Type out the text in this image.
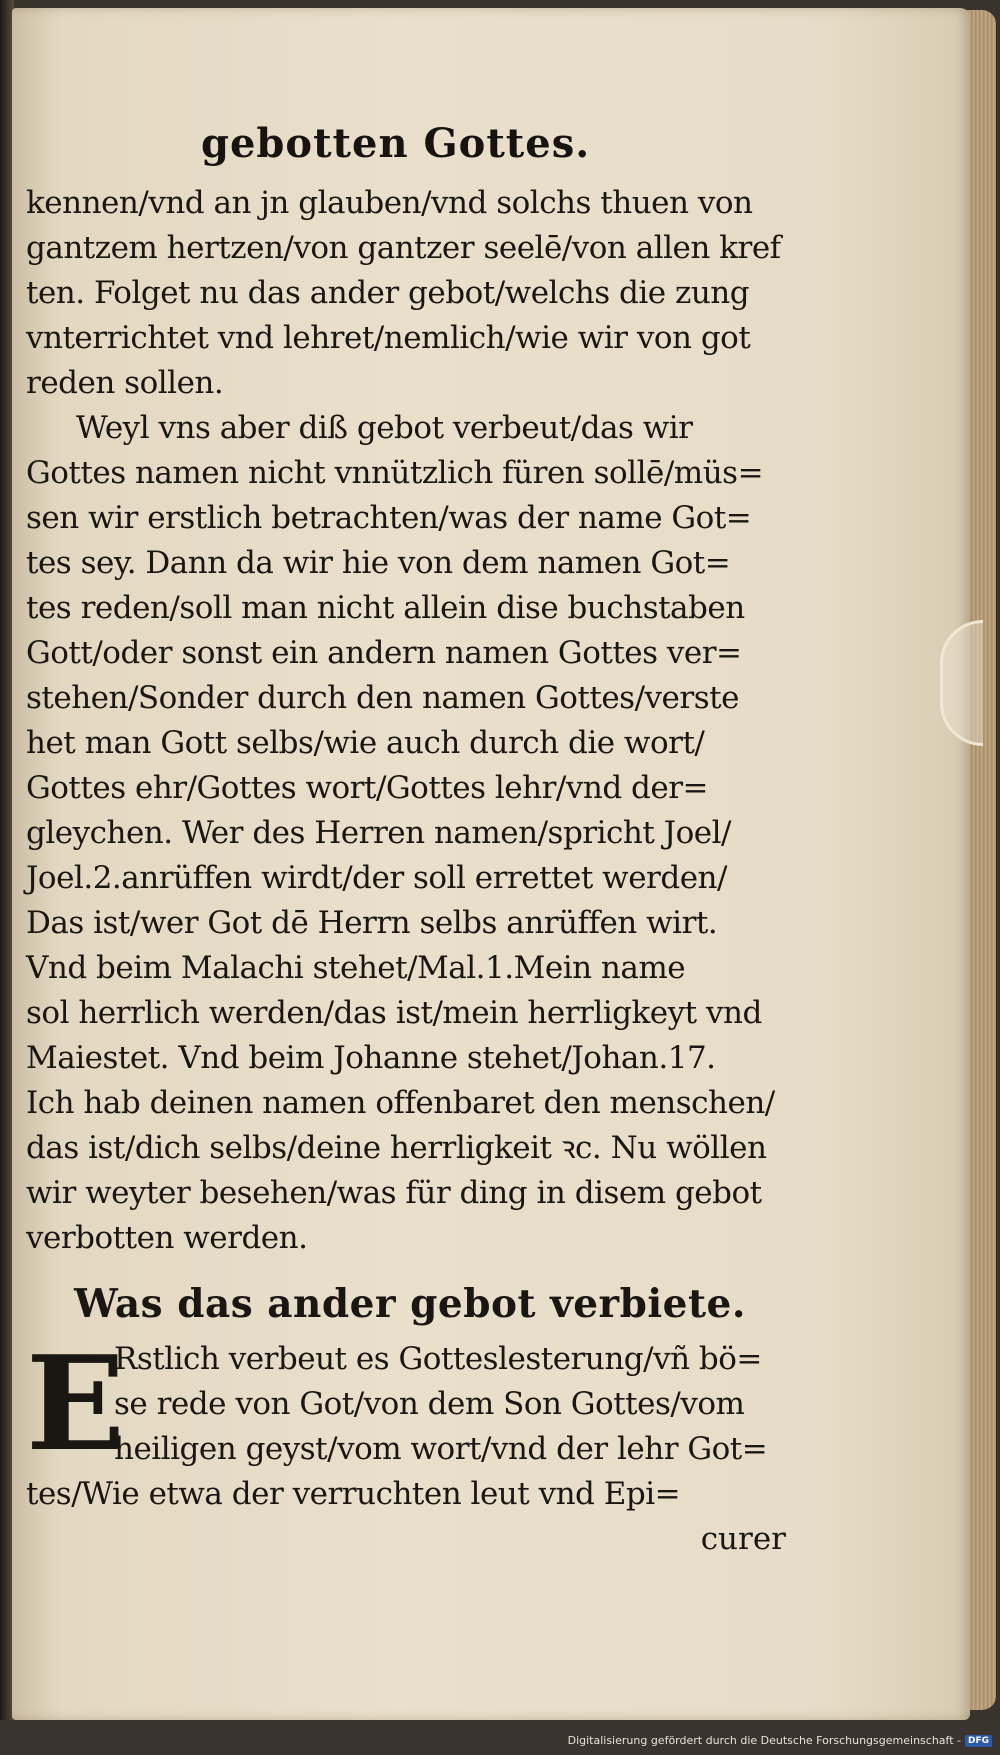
gebotten Gottes.
kennen/vnd an jn glauben/vnd solchs thuen von
gantzem hertzen/von gantzer seelē/von allen kref
ten. Folget nu das ander gebot/welchs die zung
vnterrichtet vnd lehret/nemlich/wie wir von got
reden sollen.
Weyl vns aber diß gebot verbeut/das wir
Gottes namen nicht vnnützlich füren sollē/müs=
sen wir erstlich betrachten/was der name Got=
tes sey. Dann da wir hie von dem namen Got=
tes reden/soll man nicht allein dise buchstaben
Gott/oder sonst ein andern namen Gottes ver=
stehen/Sonder durch den namen Gottes/verste
het man Gott selbs/wie auch durch die wort/
Gottes ehr/Gottes wort/Gottes lehr/vnd der=
gleychen. Wer des Herren namen/spricht Joel/
Joel.2.anrüffen wirdt/der soll errettet werden/
Das ist/wer Got dē Herrn selbs anrüffen wirt.
Vnd beim Malachi stehet/Mal.1.Mein name
sol herrlich werden/das ist/mein herrligkeyt vnd
Maiestet. Vnd beim Johanne stehet/Johan.17.
Ich hab deinen namen offenbaret den menschen/
das ist/dich selbs/deine herrligkeit ꝛc. Nu wöllen
wir weyter besehen/was für ding in disem gebot
verbotten werden.
Was das ander gebot verbiete.
E
Rstlich verbeut es Gotteslesterung/vñ bö=
se rede von Got/von dem Son Gottes/vom
heiligen geyst/vom wort/vnd der lehr Got=
tes/Wie etwa der verruchten leut vnd Epi=
curer
Digitalisierung gefördert durch die Deutsche Forschungsgemeinschaft - DFG
